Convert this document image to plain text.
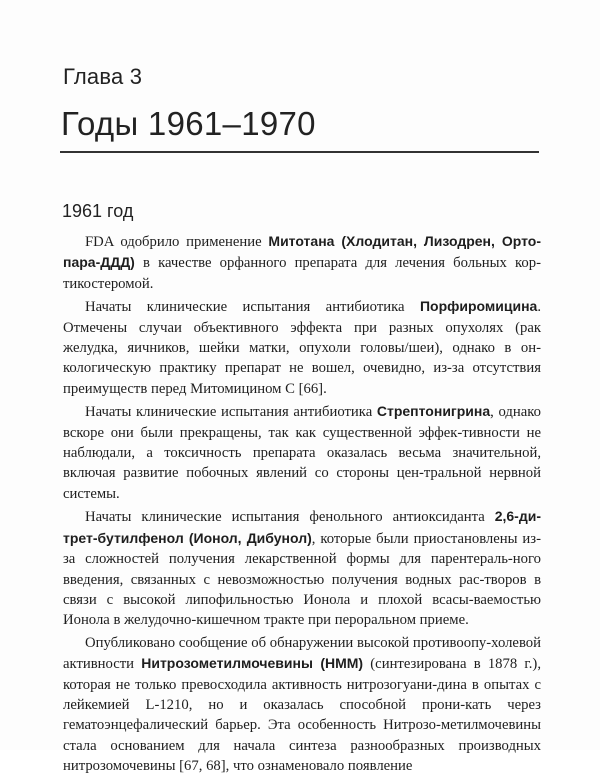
Глава 3
Годы 1961–1970
1961 год

FDA одобрило применение Митотана (Хлодитан, Лизодрен, Орто-пара-ДДД) в качестве орфанного препарата для лечения больных кор-тикостеромой.

Начаты клинические испытания антибиотика Порфиромицина. Отмечены случаи объективного эффекта при разных опухолях (рак желудка, яичников, шейки матки, опухоли головы/шеи), однако в он-кологическую практику препарат не вошел, очевидно, из-за отсутствия преимуществ перед Митомицином С [66].

Начаты клинические испытания антибиотика Стрептонигрина, однако вскоре они были прекращены, так как существенной эффек-тивности не наблюдали, а токсичность препарата оказалась весьма значительной, включая развитие побочных явлений со стороны цен-тральной нервной системы.

Начаты клинические испытания фенольного антиоксиданта 2,6-ди-трет-бутилфенол (Ионол, Дибунол), которые были приостановлены из-за сложностей получения лекарственной формы для парентераль-ного введения, связанных с невозможностью получения водных рас-творов в связи с высокой липофильностью Ионола и плохой всасы-ваемостью Ионола в желудочно-кишечном тракте при пероральном приеме.

Опубликовано сообщение об обнаружении высокой противоопу-холевой активности Нитрозометилмочевины (НММ) (синтезирована в 1878 г.), которая не только превосходила активность нитрозогуани-дина в опытах с лейкемией L-1210, но и оказалась способной прони-кать через гематоэнцефалический барьер. Эта особенность Нитрозо-метилмочевины стала основанием для начала синтеза разнообразных производных нитрозомочевины [67, 68], что ознаменовало появление
